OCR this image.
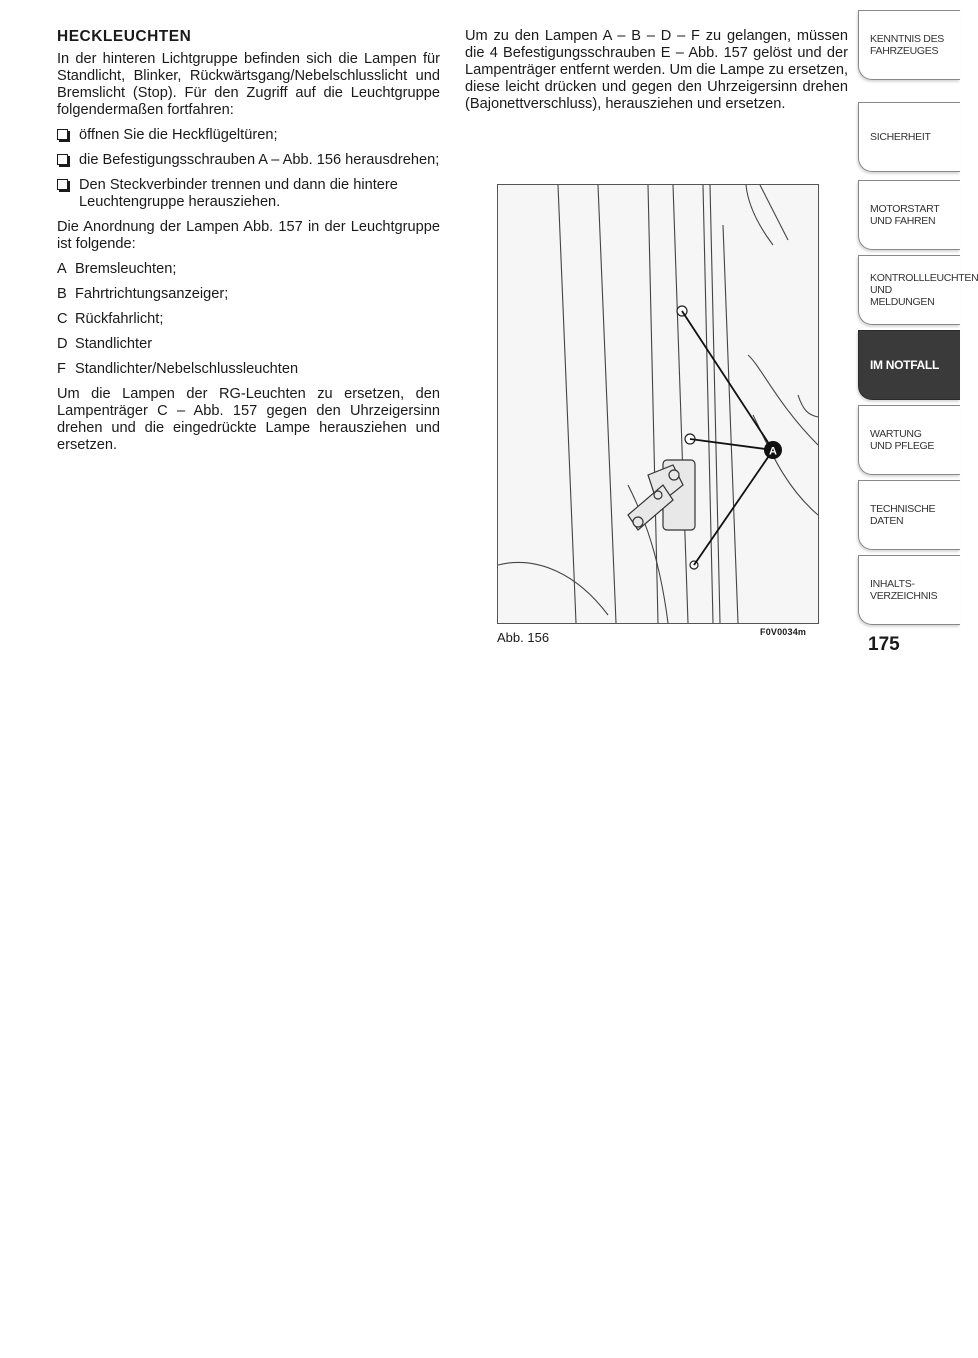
HECKLEUCHTEN

In der hinteren Lichtgruppe befinden sich die Lampen für Standlicht, Blinker, Rückwärtsgang/Nebelschlusslicht und Bremslicht (Stop). Für den Zugriff auf die Leuchtgruppe folgendermaßen fortfahren:

öffnen Sie die Heckflügeltüren;
die Befestigungsschrauben A – Abb. 156 herausdrehen;
Den Steckverbinder trennen und dann die hintere Leuchtengruppe herausziehen.

Die Anordnung der Lampen Abb. 157 in der Leuchtgruppe ist folgende:

A Bremsleuchten;
B Fahrtrichtungsanzeiger;
C Rückfahrlicht;
D Standlichter
F Standlichter/Nebelschlussleuchten

Um die Lampen der RG-Leuchten zu ersetzen, den Lampenträger C – Abb. 157 gegen den Uhrzeigersinn drehen und die eingedrückte Lampe herausziehen und ersetzen.

Um zu den Lampen A – B – D – F zu gelangen, müssen die 4 Befestigungsschrauben E – Abb. 157 gelöst und der Lampenträger entfernt werden. Um die Lampe zu ersetzen, diese leicht drücken und gegen den Uhrzeigersinn drehen (Bajonettverschluss), herausziehen und ersetzen.

A
Abb. 156	F0V0034m
175
KENNTNIS DES FAHRZEUGES
SICHERHEIT
MOTORSTART UND FAHREN
KONTROLLLEUCHTEN UND MELDUNGEN
IM NOTFALL
WARTUNG UND PFLEGE
TECHNISCHE DATEN
INHALTS-VERZEICHNIS
